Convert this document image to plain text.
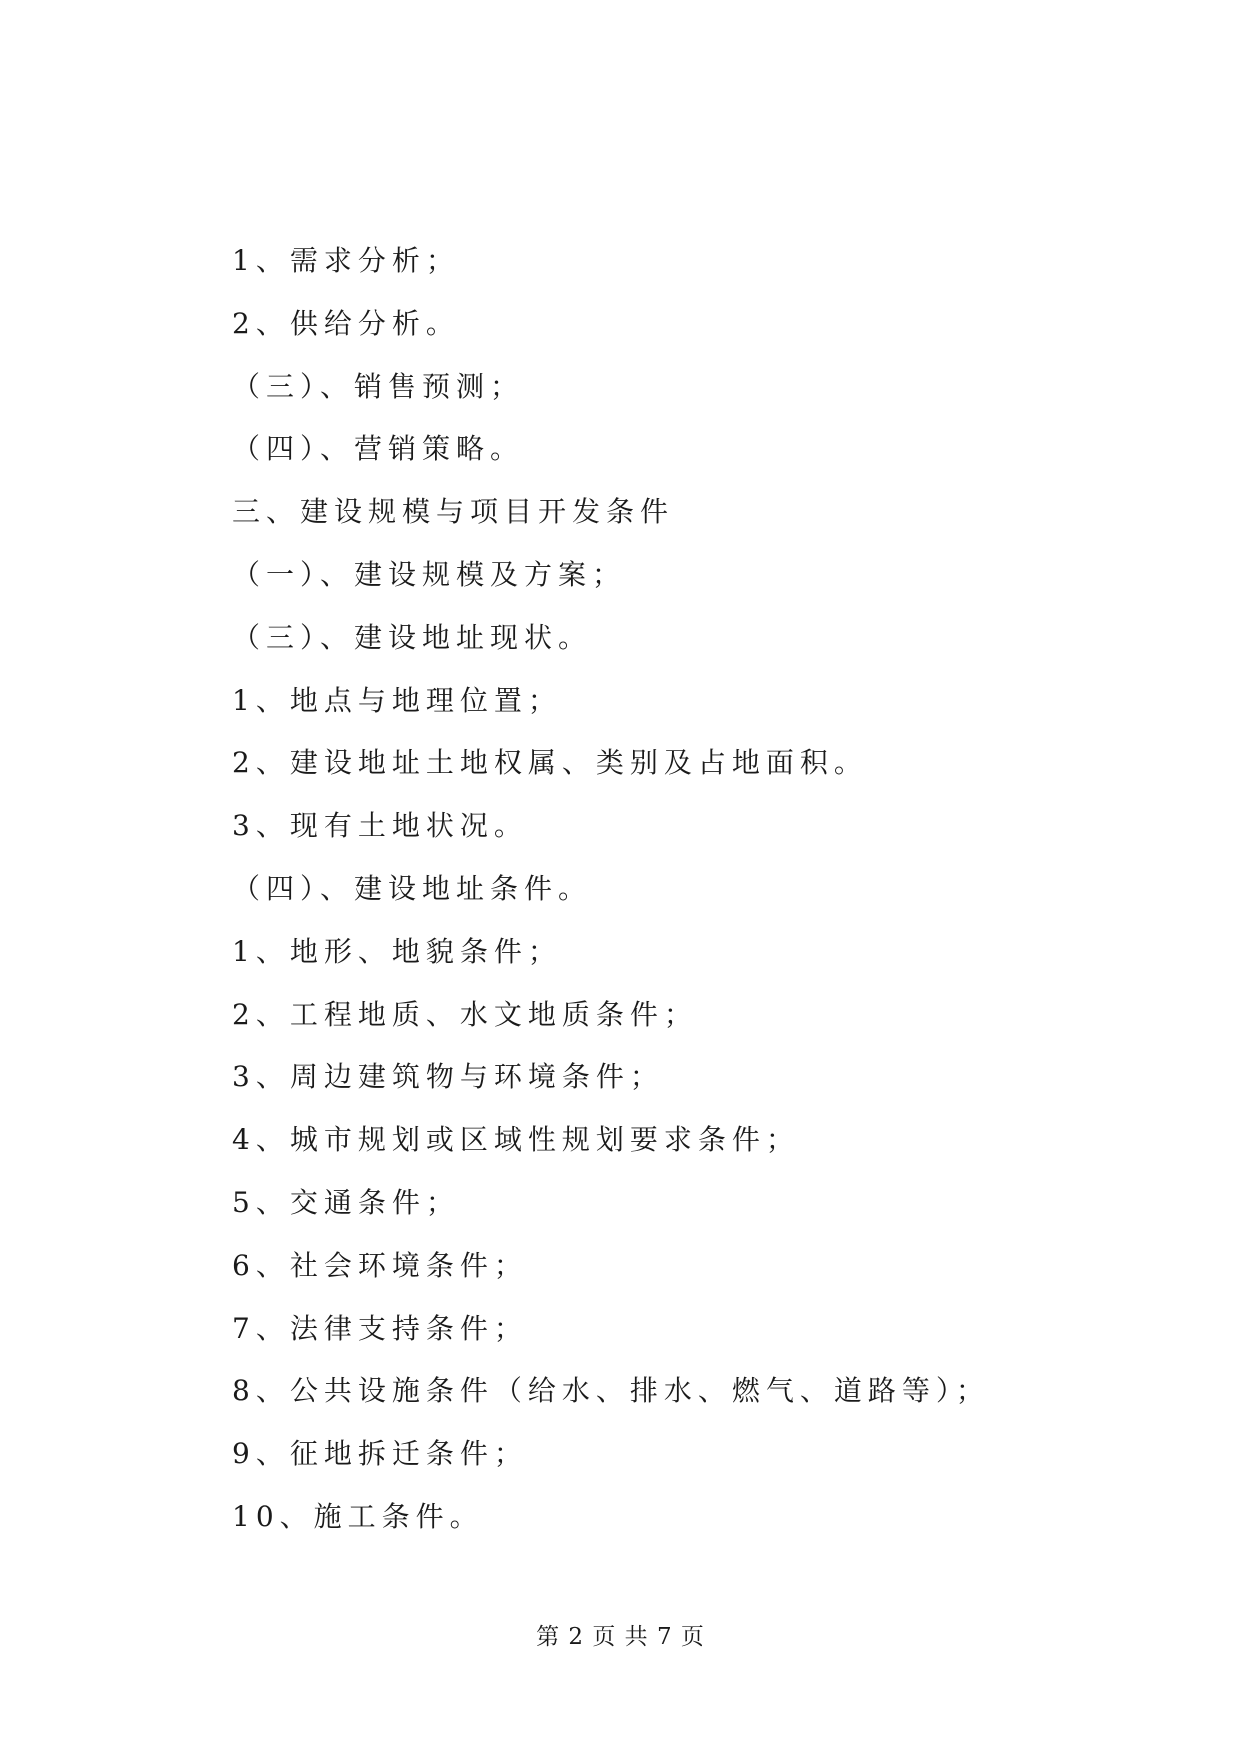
1、需求分析；
2、供给分析。
（三）、销售预测；
（四）、营销策略。
三、建设规模与项目开发条件
（一）、建设规模及方案；
（三）、建设地址现状。
1、地点与地理位置；
2、建设地址土地权属、类别及占地面积。
3、现有土地状况。
（四）、建设地址条件。
1、地形、地貌条件；
2、工程地质、水文地质条件；
3、周边建筑物与环境条件；
4、城市规划或区域性规划要求条件；
5、交通条件；
6、社会环境条件；
7、法律支持条件；
8、公共设施条件（给水、排水、燃气、道路等）；
9、征地拆迁条件；
10、施工条件。
第 2 页 共 7 页
